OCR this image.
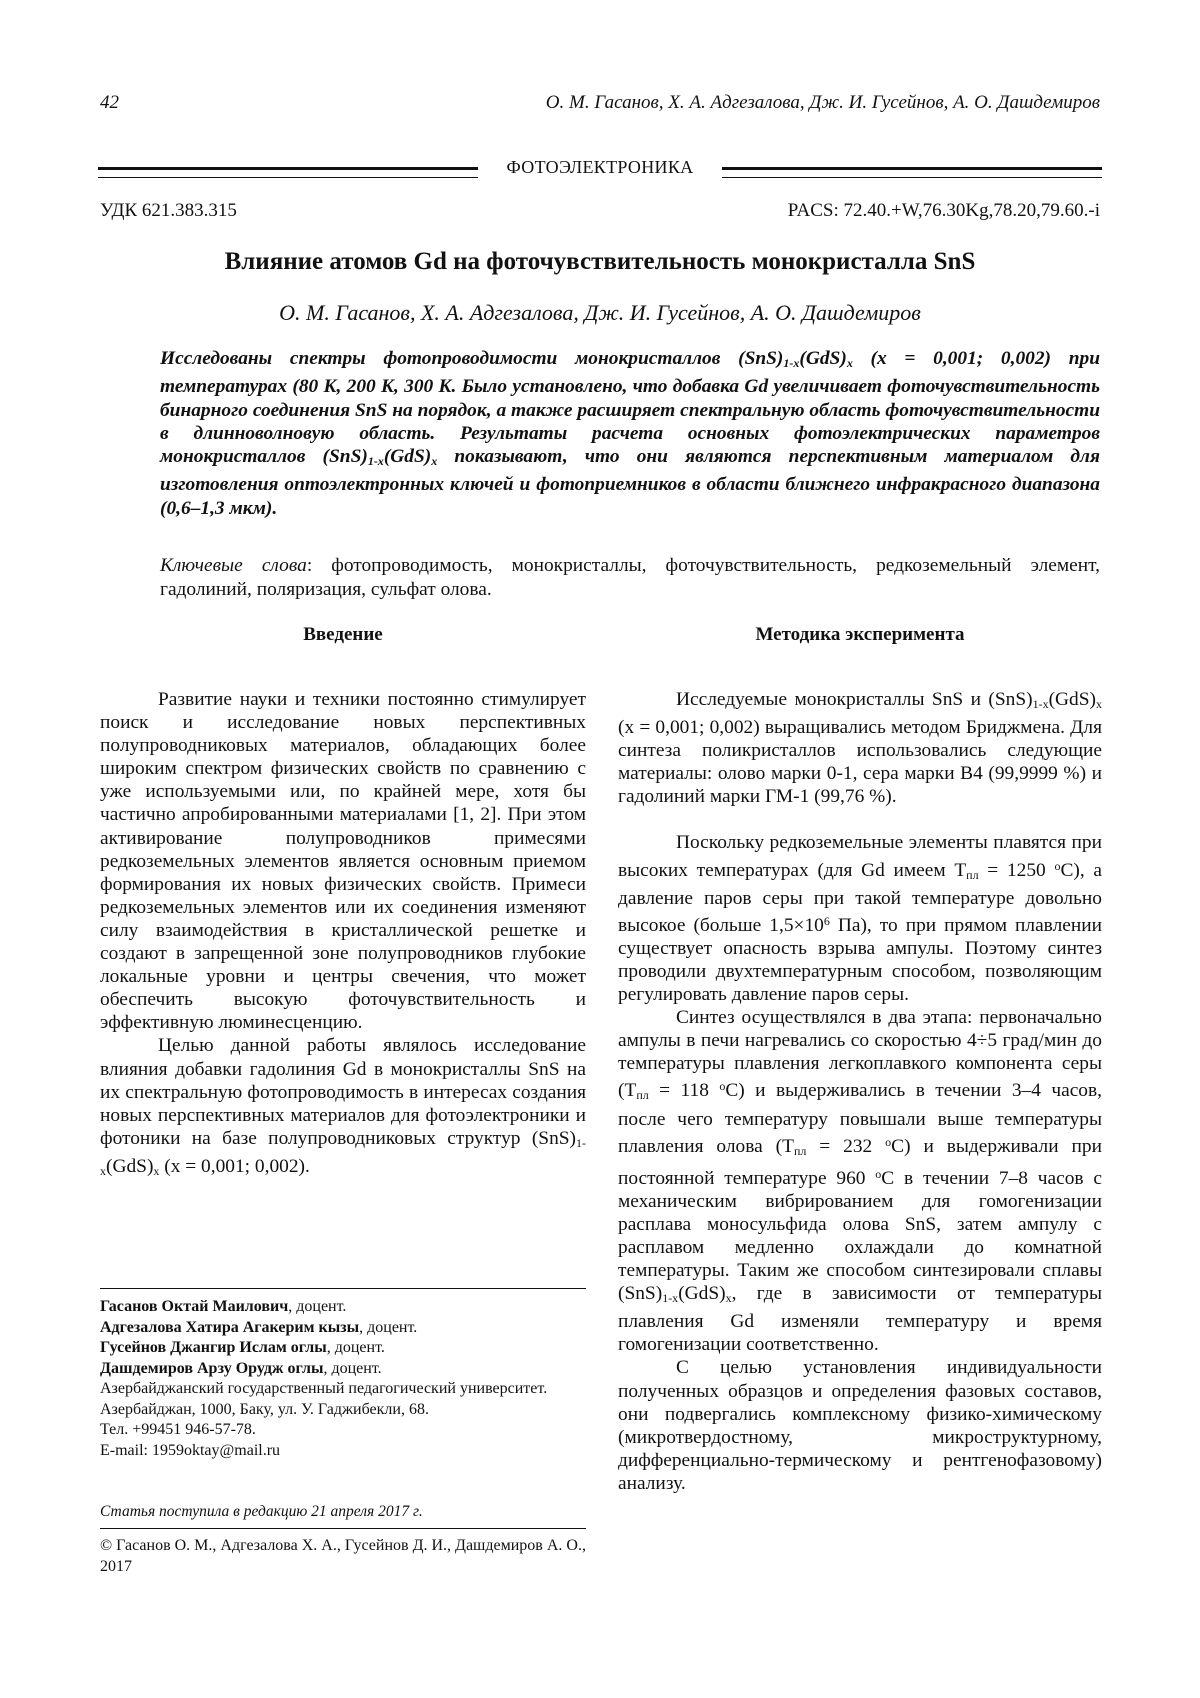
42	О. М. Гасанов, Х. А. Адгезалова, Дж. И. Гусейнов, А. О. Дашдемиров
ФОТОЭЛЕКТРОНИКА
УДК 621.383.315	PACS: 72.40.+W,76.30Kg,78.20,79.60.-i
Влияние атомов Gd на фоточувствительность монокристалла SnS
О. М. Гасанов, Х. А. Адгезалова, Дж. И. Гусейнов, А. О. Дашдемиров
Исследованы спектры фотопроводимости монокристаллов $(SnS)_{1-x}(GdS)_x$ (x = 0,001; 0,002) при температурах (80 K, 200 K, 300 K. Было установлено, что добавка Gd увеличивает фоточувствительность бинарного соединения SnS на порядок, а также расширяет спектральную область фоточувствительности в длинноволновую область. Результаты расчета основных фотоэлектрических параметров монокристаллов $(SnS)_{1-x}(GdS)_x$ показывают, что они являются перспективным материалом для изготовления оптоэлектронных ключей и фотоприемников в области ближнего инфракрасного диапазона (0,6–1,3 мкм).
Ключевые слова: фотопроводимость, монокристаллы, фоточувствительность, редкоземельный элемент, гадолиний, поляризация, сульфат олова.
Введение

Развитие науки и техники постоянно стимулирует поиск и исследование новых перспективных полупроводниковых материалов, обладающих более широким спектром физических свойств по сравнению с уже используемыми или, по крайней мере, хотя бы частично апробированными материалами [1, 2]. При этом активирование полупроводников примесями редкоземельных элементов является основным приемом формирования их новых физических свойств. Примеси редкоземельных элементов или их соединения изменяют силу взаимодействия в кристаллической решетке и создают в запрещенной зоне полупроводников глубокие локальные уровни и центры свечения, что может обеспечить высокую фоточувствительность и эффективную люминесценцию.

Целью данной работы являлось исследование влияния добавки гадолиния Gd в монокристаллы SnS на их спектральную фотопроводимость в интересах создания новых перспективных материалов для фотоэлектроники и фотоники на базе полупроводниковых структур $(SnS)_{1-x}(GdS)_x$ (x = 0,001; 0,002).

Методика эксперимента

Исследуемые монокристаллы SnS и $(SnS)_{1-x}(GdS)_x$ (x = 0,001; 0,002) выращивались методом Бриджмена. Для синтеза поликристаллов использовались следующие материалы: олово марки 0-1, сера марки В4 (99,9999 %) и гадолиний марки ГМ-1 (99,76 %).

Поскольку редкоземельные элементы плавятся при высоких температурах (для Gd имеем $T_{пл} = 1250$ $^o$C), а давление паров серы при такой температуре довольно высокое (больше $1,5\times 10^6$ Па), то при прямом плавлении существует опасность взрыва ампулы. Поэтому синтез проводили двухтемпературным способом, позволяющим регулировать давление паров серы.

Синтез осуществлялся в два этапа: первоначально ампулы в печи нагревались со скоростью 4÷5 град/мин до температуры плавления легкоплавкого компонента серы ($T_{пл} = 118$ $^o$C) и выдерживались в течении 3–4 часов, после чего температуру повышали выше температуры плавления олова ($T_{пл} = 232$ $^o$C) и выдерживали при постоянной температуре 960 $^o$C в течении 7–8 часов с механическим вибрированием для гомогенизации расплава моносульфида олова SnS, затем ампулу с расплавом медленно охлаждали до комнатной температуры. Таким же способом синтезировали сплавы $(SnS)_{1-x}(GdS)_x$, где в зависимости от температуры плавления Gd изменяли температуру и время гомогенизации соответственно.

С целью установления индивидуальности полученных образцов и определения фазовых составов, они подвергались комплексному физико-химическому (микротвердостному, микроструктурному, дифференциально-термическому и рентгенофазовому) анализу.

Гасанов Октай Маилович, доцент.
Адгезалова Хатира Агакерим кызы, доцент.
Гусейнов Джангир Ислам оглы, доцент.
Дашдемиров Арзу Орудж оглы, доцент.
Азербайджанский государственный педагогический университет.
Азербайджан, 1000, Баку, ул. У. Гаджибекли, 68.
Тел. +99451 946-57-78.
E-mail: 1959oktay@mail.ru
Статья поступила в редакцию 21 апреля 2017 г.
© Гасанов О. М., Адгезалова Х. А., Гусейнов Д. И., Дашдемиров А. О., 2017
